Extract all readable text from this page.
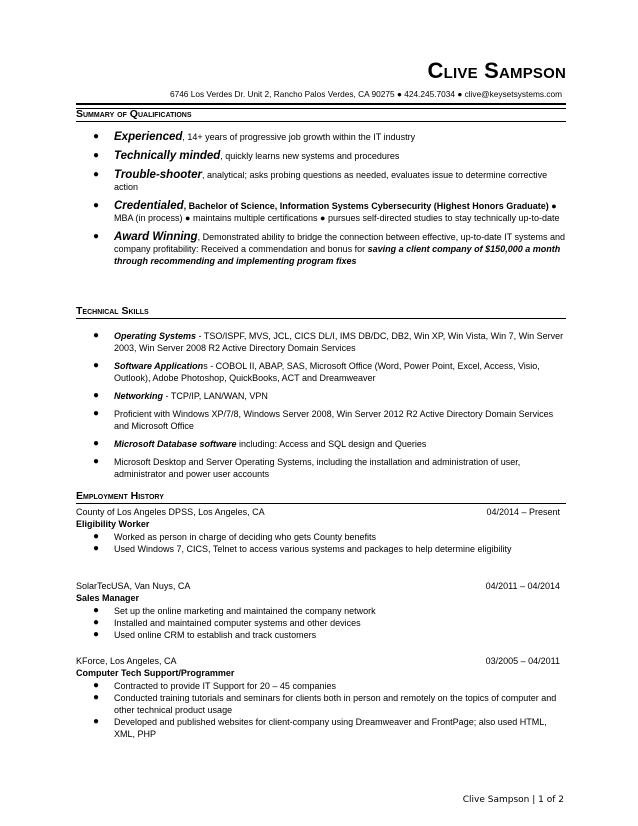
Clive Sampson
6746 Los Verdes Dr. Unit 2, Rancho Palos Verdes, CA 90275 ● 424.245.7034 ● clive@keysetsystems.com
Summary of Qualifications
● Experienced, 14+ years of progressive job growth within the IT industry
● Technically minded, quickly learns new systems and procedures
● Trouble-shooter, analytical; asks probing questions as needed, evaluates issue to determine corrective action
● Credentialed, Bachelor of Science, Information Systems Cybersecurity (Highest Honors Graduate) ● MBA (in process) ● maintains multiple certifications ● pursues self-directed studies to stay technically up-to-date
● Award Winning, Demonstrated ability to bridge the connection between effective, up-to-date IT systems and company profitability: Received a commendation and bonus for saving a client company of $150,000 a month through recommending and implementing program fixes
Technical Skills
● Operating Systems - TSO/ISPF, MVS, JCL, CICS DL/I, IMS DB/DC, DB2, Win XP, Win Vista, Win 7, Win Server 2003, Win Server 2008 R2 Active Directory Domain Services
● Software Applications - COBOL II, ABAP, SAS, Microsoft Office (Word, Power Point, Excel, Access, Visio, Outlook), Adobe Photoshop, QuickBooks, ACT and Dreamweaver
● Networking - TCP/IP, LAN/WAN, VPN
● Proficient with Windows XP/7/8, Windows Server 2008, Win Server 2012 R2 Active Directory Domain Services and Microsoft Office
● Microsoft Database software including: Access and SQL design and Queries
● Microsoft Desktop and Server Operating Systems, including the installation and administration of user, administrator and power user accounts
Employment History
County of Los Angeles DPSS, Los Angeles, CA	04/2014 – Present
Eligibility Worker
● Worked as person in charge of deciding who gets County benefits
● Used Windows 7, CICS, Telnet to access various systems and packages to help determine eligibility
SolarTecUSA, Van Nuys, CA	04/2011 – 04/2014
Sales Manager
● Set up the online marketing and maintained the company network
● Installed and maintained computer systems and other devices
● Used online CRM to establish and track customers
KForce, Los Angeles, CA	03/2005 – 04/2011
Computer Tech Support/Programmer
● Contracted to provide IT Support for 20 – 45 companies
● Conducted training tutorials and seminars for clients both in person and remotely on the topics of computer and other technical product usage
● Developed and published websites for client-company using Dreamweaver and FrontPage; also used HTML, XML, PHP
Clive Sampson | 1 of 2
